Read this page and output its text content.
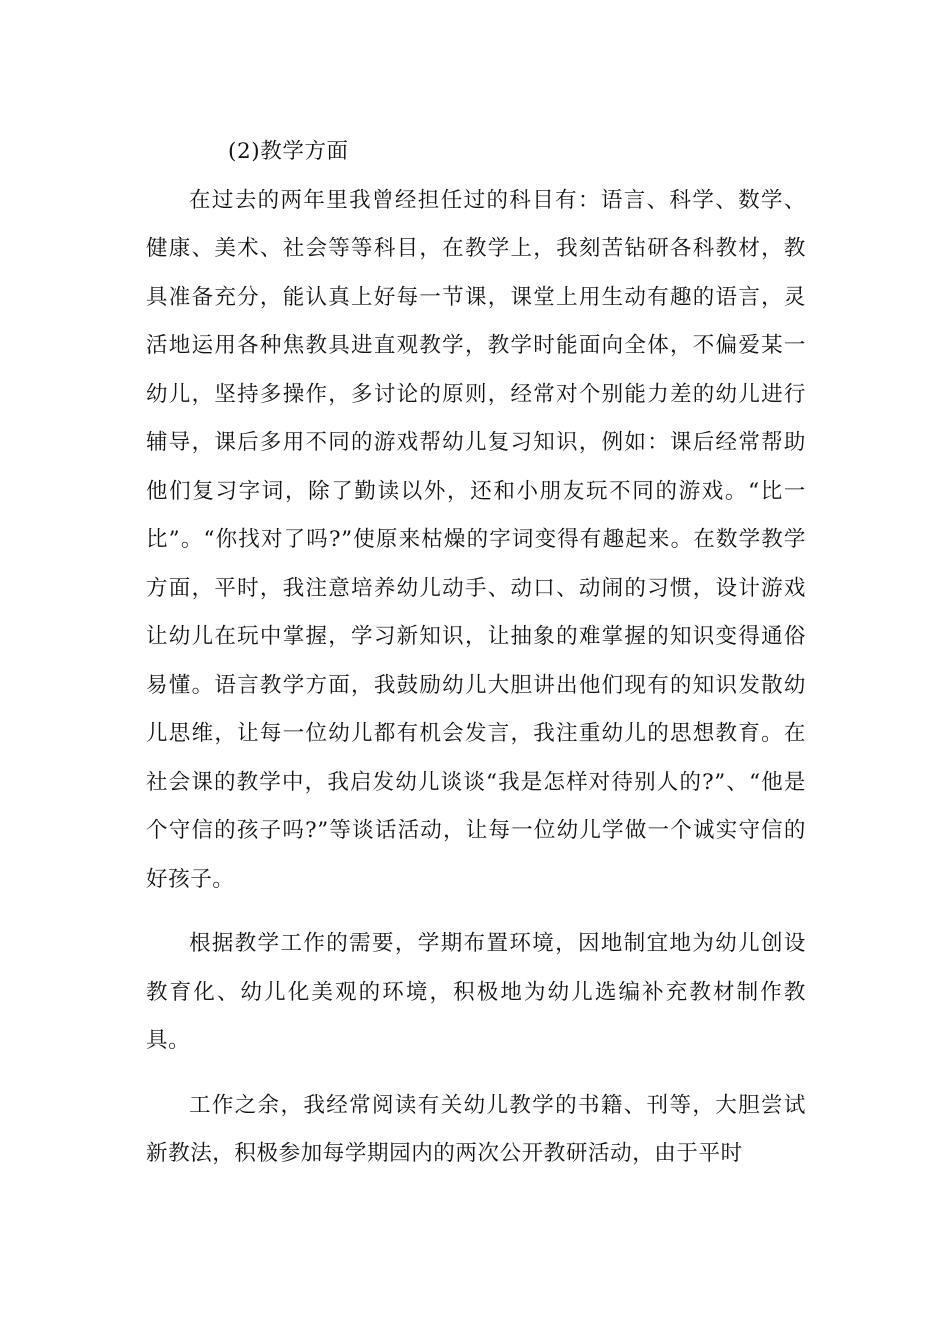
(2)教学方面

在过去的两年里我曾经担任过的科目有：语言、科学、数学、健康、美术、社会等等科目，在教学上，我刻苦钻研各科教材，教具准备充分，能认真上好每一节课，课堂上用生动有趣的语言，灵活地运用各种焦教具进直观教学，教学时能面向全体，不偏爱某一幼儿，坚持多操作，多讨论的原则，经常对个别能力差的幼儿进行辅导，课后多用不同的游戏帮幼儿复习知识，例如：课后经常帮助他们复习字词，除了勤读以外，还和小朋友玩不同的游戏。“比一比”。“你找对了吗?”使原来枯燥的字词变得有趣起来。在数学教学方面，平时，我注意培养幼儿动手、动口、动闹的习惯，设计游戏让幼儿在玩中掌握，学习新知识，让抽象的难掌握的知识变得通俗易懂。语言教学方面，我鼓励幼儿大胆讲出他们现有的知识发散幼儿思维，让每一位幼儿都有机会发言，我注重幼儿的思想教育。在社会课的教学中，我启发幼儿谈谈“我是怎样对待别人的?”、“他是个守信的孩子吗?”等谈话活动，让每一位幼儿学做一个诚实守信的好孩子。

根据教学工作的需要，学期布置环境，因地制宜地为幼儿创设教育化、幼儿化美观的环境，积极地为幼儿选编补充教材制作教具。

工作之余，我经常阅读有关幼儿教学的书籍、刊等，大胆尝试新教法，积极参加每学期园内的两次公开教研活动，由于平时
